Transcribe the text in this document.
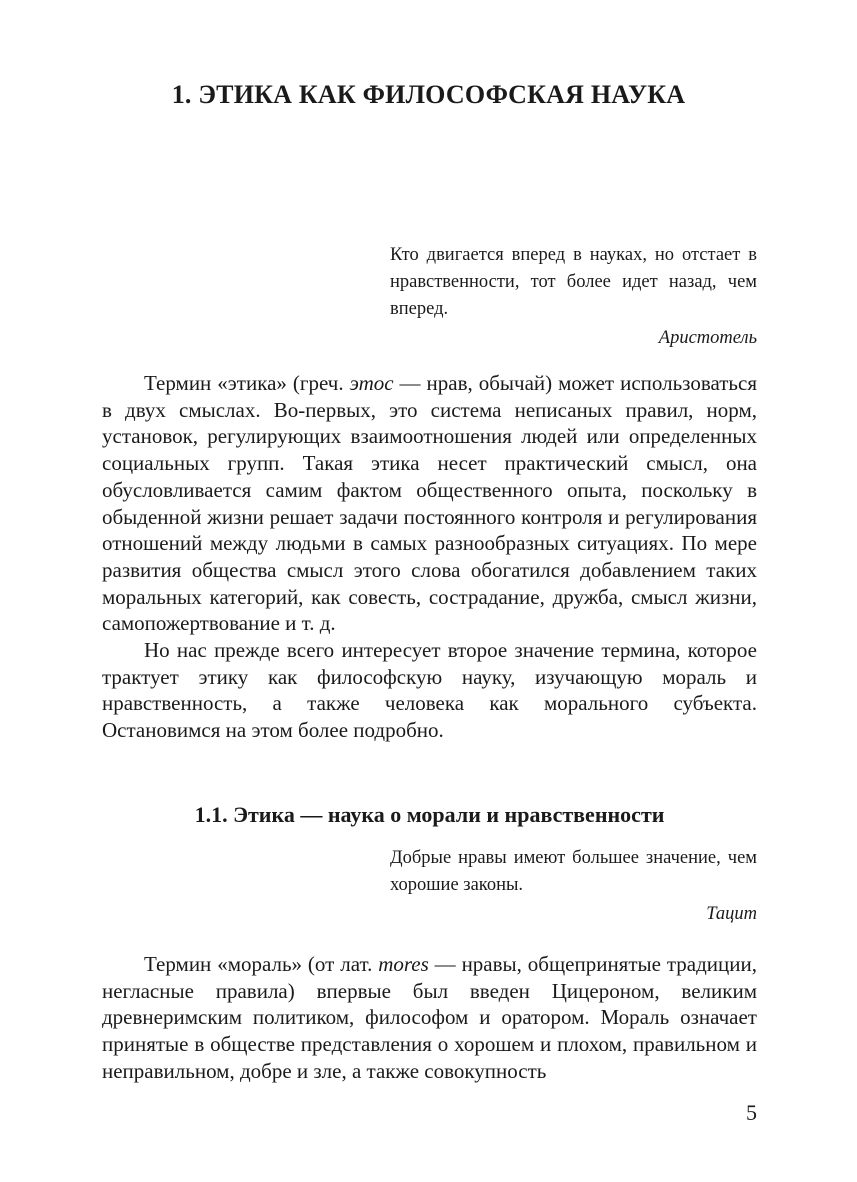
1. ЭТИКА КАК ФИЛОСОФСКАЯ НАУКА

Кто двигается вперед в науках, но отстает в нравственности, тот более идет назад, чем вперед.

Аристотель

Термин «этика» (греч. этос — нрав, обычай) может использоваться в двух смыслах. Во-первых, это система неписаных правил, норм, установок, регулирующих взаимоотношения людей или определенных социальных групп. Такая этика несет практический смысл, она обусловливается самим фактом общественного опыта, поскольку в обыденной жизни решает задачи постоянного контроля и регулирования отношений между людьми в самых разнообразных ситуациях. По мере развития общества смысл этого слова обогатился добавлением таких моральных категорий, как совесть, сострадание, дружба, смысл жизни, самопожертвование и т. д.

Но нас прежде всего интересует второе значение термина, которое трактует этику как философскую науку, изучающую мораль и нравственность, а также человека как морального субъекта. Остановимся на этом более подробно.

1.1. Этика — наука о морали и нравственности

Добрые нравы имеют большее значение, чем хорошие законы.

Тацит

Термин «мораль» (от лат. mores — нравы, общепринятые традиции, негласные правила) впервые был введен Цицероном, великим древнеримским политиком, философом и оратором. Мораль означает принятые в обществе представления о хорошем и плохом, правильном и неправильном, добре и зле, а также совокупность

5
